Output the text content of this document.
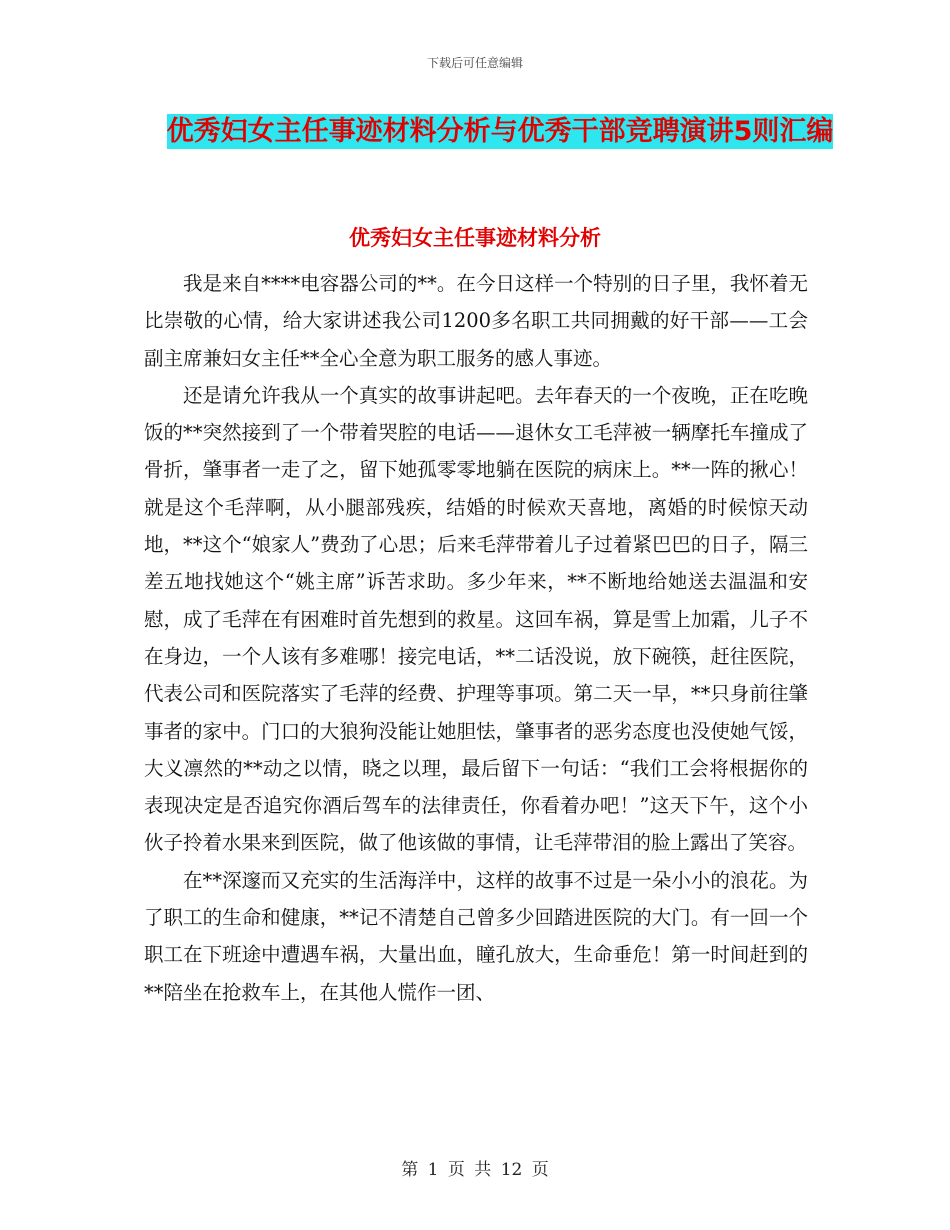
下载后可任意编辑
优秀妇女主任事迹材料分析与优秀干部竞聘演讲5则汇编
优秀妇女主任事迹材料分析

我是来自****电容器公司的**。在今日这样一个特别的日子里，我怀着无比崇敬的心情，给大家讲述我公司1200多名职工共同拥戴的好干部——工会副主席兼妇女主任**全心全意为职工服务的感人事迹。

还是请允许我从一个真实的故事讲起吧。去年春天的一个夜晚，正在吃晚饭的**突然接到了一个带着哭腔的电话——退休女工毛萍被一辆摩托车撞成了骨折，肇事者一走了之，留下她孤零零地躺在医院的病床上。**一阵的揪心！就是这个毛萍啊，从小腿部残疾，结婚的时候欢天喜地，离婚的时候惊天动地，**这个“娘家人”费劲了心思；后来毛萍带着儿子过着紧巴巴的日子，隔三差五地找她这个“姚主席”诉苦求助。多少年来，**不断地给她送去温温和安慰，成了毛萍在有困难时首先想到的救星。这回车祸，算是雪上加霜，儿子不在身边，一个人该有多难哪！接完电话，**二话没说，放下碗筷，赶往医院，代表公司和医院落实了毛萍的经费、护理等事项。第二天一早，**只身前往肇事者的家中。门口的大狼狗没能让她胆怯，肇事者的恶劣态度也没使她气馁，大义凛然的**动之以情，晓之以理，最后留下一句话：“我们工会将根据你的表现决定是否追究你酒后驾车的法律责任，你看着办吧！”这天下午，这个小伙子拎着水果来到医院，做了他该做的事情，让毛萍带泪的脸上露出了笑容。

在**深邃而又充实的生活海洋中，这样的故事不过是一朵小小的浪花。为了职工的生命和健康，**记不清楚自己曾多少回踏进医院的大门。有一回一个职工在下班途中遭遇车祸，大量出血，瞳孔放大，生命垂危！第一时间赶到的**陪坐在抢救车上，在其他人慌作一团、

第 1 页 共 12 页
